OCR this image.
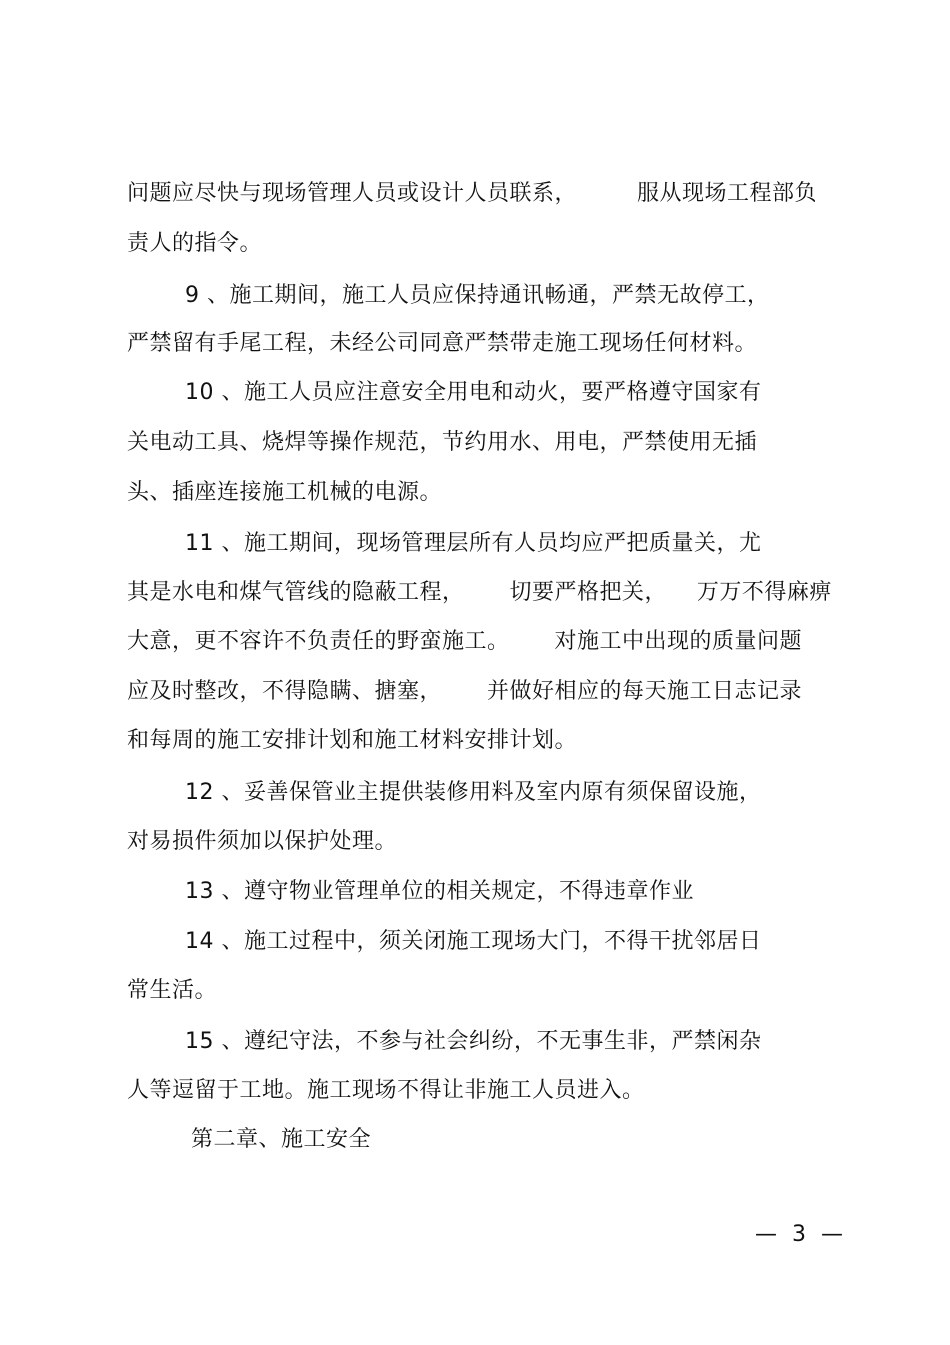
问题应尽快与现场管理人员或设计人员联系，        服从现场工程部负
责人的指令。
9 、施工期间，施工人员应保持通讯畅通，严禁无故停工，
严禁留有手尾工程，未经公司同意严禁带走施工现场任何材料。
10 、施工人员应注意安全用电和动火，要严格遵守国家有
关电动工具、烧焊等操作规范，节约用水、用电，严禁使用无插
头、插座连接施工机械的电源。
11 、施工期间，现场管理层所有人员均应严把质量关，尤
其是水电和煤气管线的隐蔽工程，      切要严格把关，    万万不得麻痹
大意，更不容许不负责任的野蛮施工。      对施工中出现的质量问题
应及时整改，不得隐瞒、搪塞，      并做好相应的每天施工日志记录
和每周的施工安排计划和施工材料安排计划。
12 、妥善保管业主提供装修用料及室内原有须保留设施，
对易损件须加以保护处理。
13 、遵守物业管理单位的相关规定，不得违章作业
14 、施工过程中，须关闭施工现场大门，不得干扰邻居日
常生活。
15 、遵纪守法，不参与社会纠纷，不无事生非，严禁闲杂
人等逗留于工地。施工现场不得让非施工人员进入。
第二章、施工安全
— 3 —
